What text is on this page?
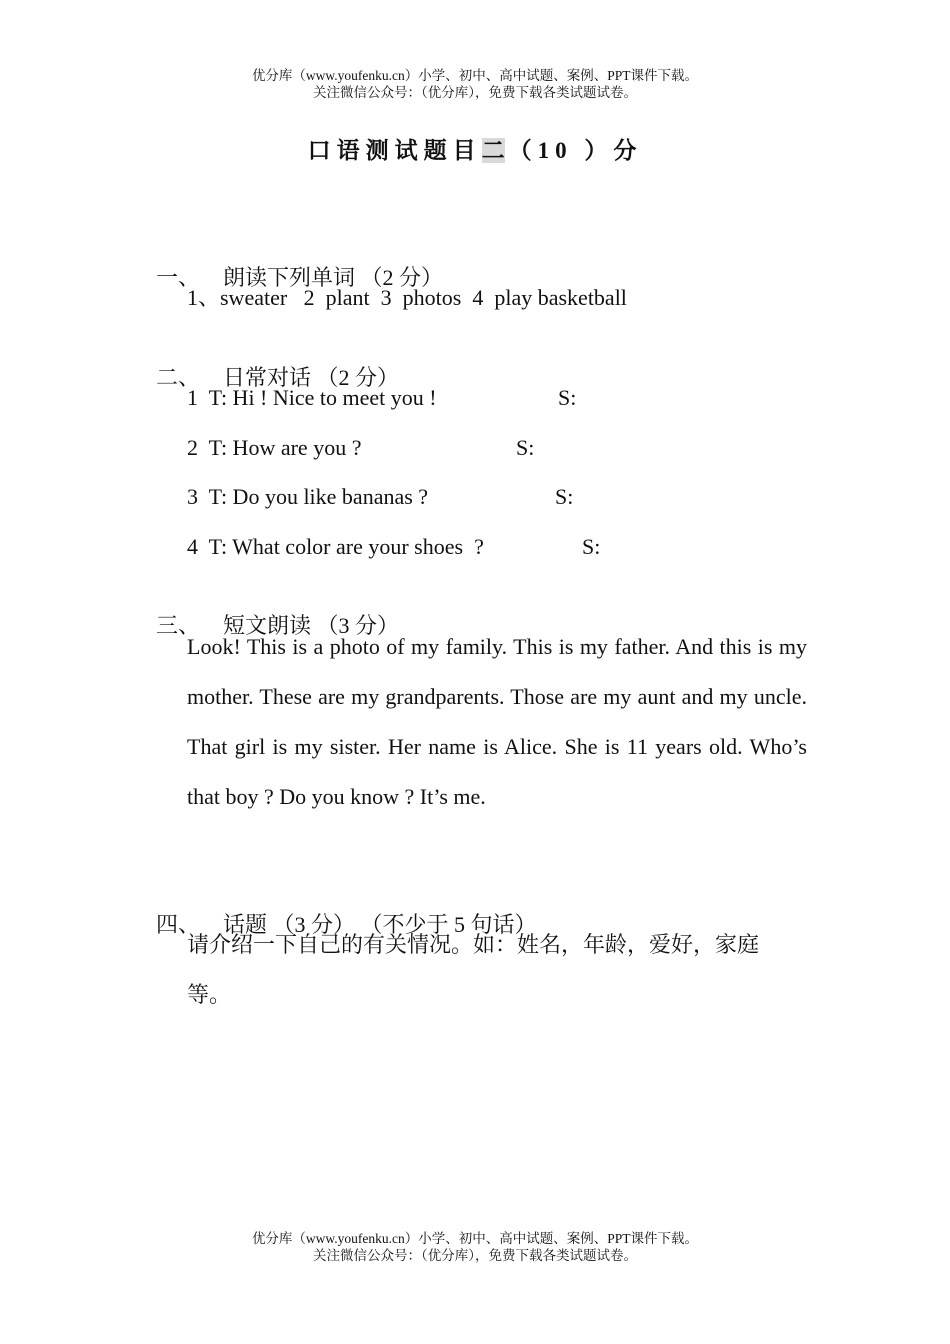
优分库（www.youfenku.cn）小学、初中、高中试题、案例、PPT课件下载。
关注微信公众号：（优分库），免费下载各类试题试卷。
口语测试题目二 （10 ）分

一、 朗读下列单词 （2 分）

1、sweater   2  plant  3  photos  4  play basketball

二、 日常对话 （2 分）

1  T: Hi ! Nice to meet you !	S:
2  T: How are you ?	S:
3  T: Do you like bananas ?	S:
4  T: What color are your shoes  ?	S:

三、 短文朗读 （3 分）

Look! This is a photo of my family. This is my father. And this is my mother. These are my grandparents. Those are my aunt and my uncle. That girl is my sister. Her name is Alice. She is 11 years old. Who’s that boy ? Do you know ? It’s me.

四、 话题 （3 分） （不少于 5 句话）

请介绍一下自己的有关情况。如：姓名，年龄，爱好，家庭等。
优分库（www.youfenku.cn）小学、初中、高中试题、案例、PPT课件下载。
关注微信公众号：（优分库），免费下载各类试题试卷。
